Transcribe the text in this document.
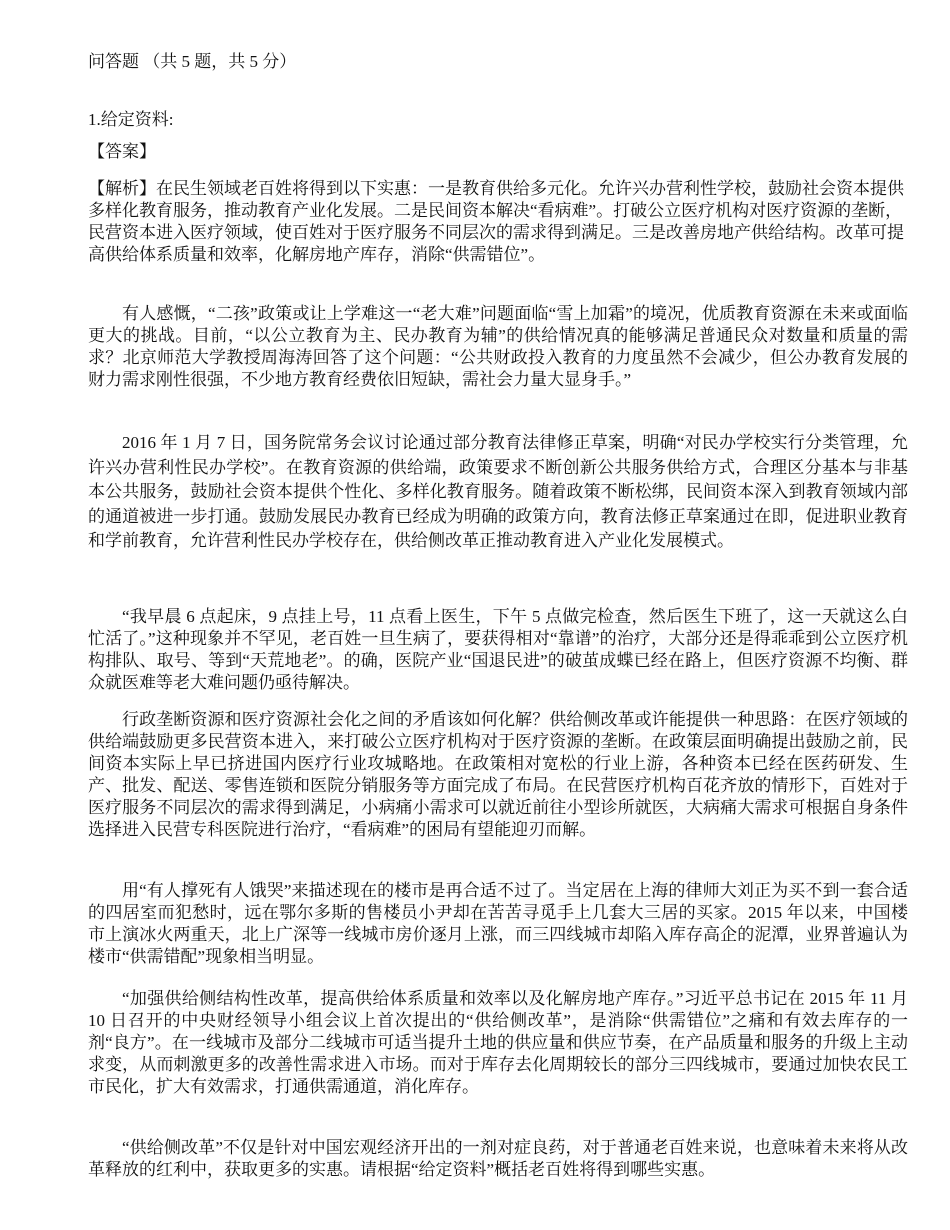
问答题 （共 5 题，共 5 分）
1.给定资料:
【答案】
【解析】在民生领域老百姓将得到以下实惠：一是教育供给多元化。允许兴办营利性学校，鼓励社会资本提供多样化教育服务，推动教育产业化发展。二是民间资本解决“看病难”。打破公立医疗机构对医疗资源的垄断，民营资本进入医疗领域，使百姓对于医疗服务不同层次的需求得到满足。三是改善房地产供给结构。改革可提高供给体系质量和效率，化解房地产库存，消除“供需错位”。
有人感慨，“二孩”政策或让上学难这一“老大难”问题面临“雪上加霜”的境况，优质教育资源在未来或面临更大的挑战。目前，“以公立教育为主、民办教育为辅”的供给情况真的能够满足普通民众对数量和质量的需求？北京师范大学教授周海涛回答了这个问题：“公共财政投入教育的力度虽然不会减少，但公办教育发展的财力需求刚性很强，不少地方教育经费依旧短缺，需社会力量大显身手。”
2016 年 1 月 7 日，国务院常务会议讨论通过部分教育法律修正草案，明确“对民办学校实行分类管理，允许兴办营利性民办学校”。在教育资源的供给端，政策要求不断创新公共服务供给方式，合理区分基本与非基本公共服务，鼓励社会资本提供个性化、多样化教育服务。随着政策不断松绑，民间资本深入到教育领域内部的通道被进一步打通。鼓励发展民办教育已经成为明确的政策方向，教育法修正草案通过在即，促进职业教育和学前教育，允许营利性民办学校存在，供给侧改革正推动教育进入产业化发展模式。
“我早晨 6 点起床，9 点挂上号，11 点看上医生，下午 5 点做完检查，然后医生下班了，这一天就这么白忙活了。”这种现象并不罕见，老百姓一旦生病了，要获得相对“靠谱”的治疗，大部分还是得乖乖到公立医疗机构排队、取号、等到“天荒地老”。的确，医院产业“国退民进”的破茧成蝶已经在路上，但医疗资源不均衡、群众就医难等老大难问题仍亟待解决。
行政垄断资源和医疗资源社会化之间的矛盾该如何化解？供给侧改革或许能提供一种思路：在医疗领域的供给端鼓励更多民营资本进入，来打破公立医疗机构对于医疗资源的垄断。在政策层面明确提出鼓励之前，民间资本实际上早已挤进国内医疗行业攻城略地。在政策相对宽松的行业上游，各种资本已经在医药研发、生产、批发、配送、零售连锁和医院分销服务等方面完成了布局。在民营医疗机构百花齐放的情形下，百姓对于医疗服务不同层次的需求得到满足，小病痛小需求可以就近前往小型诊所就医，大病痛大需求可根据自身条件选择进入民营专科医院进行治疗，“看病难”的困局有望能迎刃而解。
用“有人撑死有人饿哭”来描述现在的楼市是再合适不过了。当定居在上海的律师大刘正为买不到一套合适的四居室而犯愁时，远在鄂尔多斯的售楼员小尹却在苦苦寻觅手上几套大三居的买家。2015 年以来，中国楼市上演冰火两重天，北上广深等一线城市房价逐月上涨，而三四线城市却陷入库存高企的泥潭，业界普遍认为楼市“供需错配”现象相当明显。
“加强供给侧结构性改革，提高供给体系质量和效率以及化解房地产库存。”习近平总书记在 2015 年 11 月 10 日召开的中央财经领导小组会议上首次提出的“供给侧改革”，是消除“供需错位”之痛和有效去库存的一剂“良方”。在一线城市及部分二线城市可适当提升土地的供应量和供应节奏，在产品质量和服务的升级上主动求变，从而刺激更多的改善性需求进入市场。而对于库存去化周期较长的部分三四线城市，要通过加快农民工市民化，扩大有效需求，打通供需通道，消化库存。
“供给侧改革”不仅是针对中国宏观经济开出的一剂对症良药，对于普通老百姓来说，也意味着未来将从改革释放的红利中，获取更多的实惠。请根据“给定资料”概括老百姓将得到哪些实惠。
